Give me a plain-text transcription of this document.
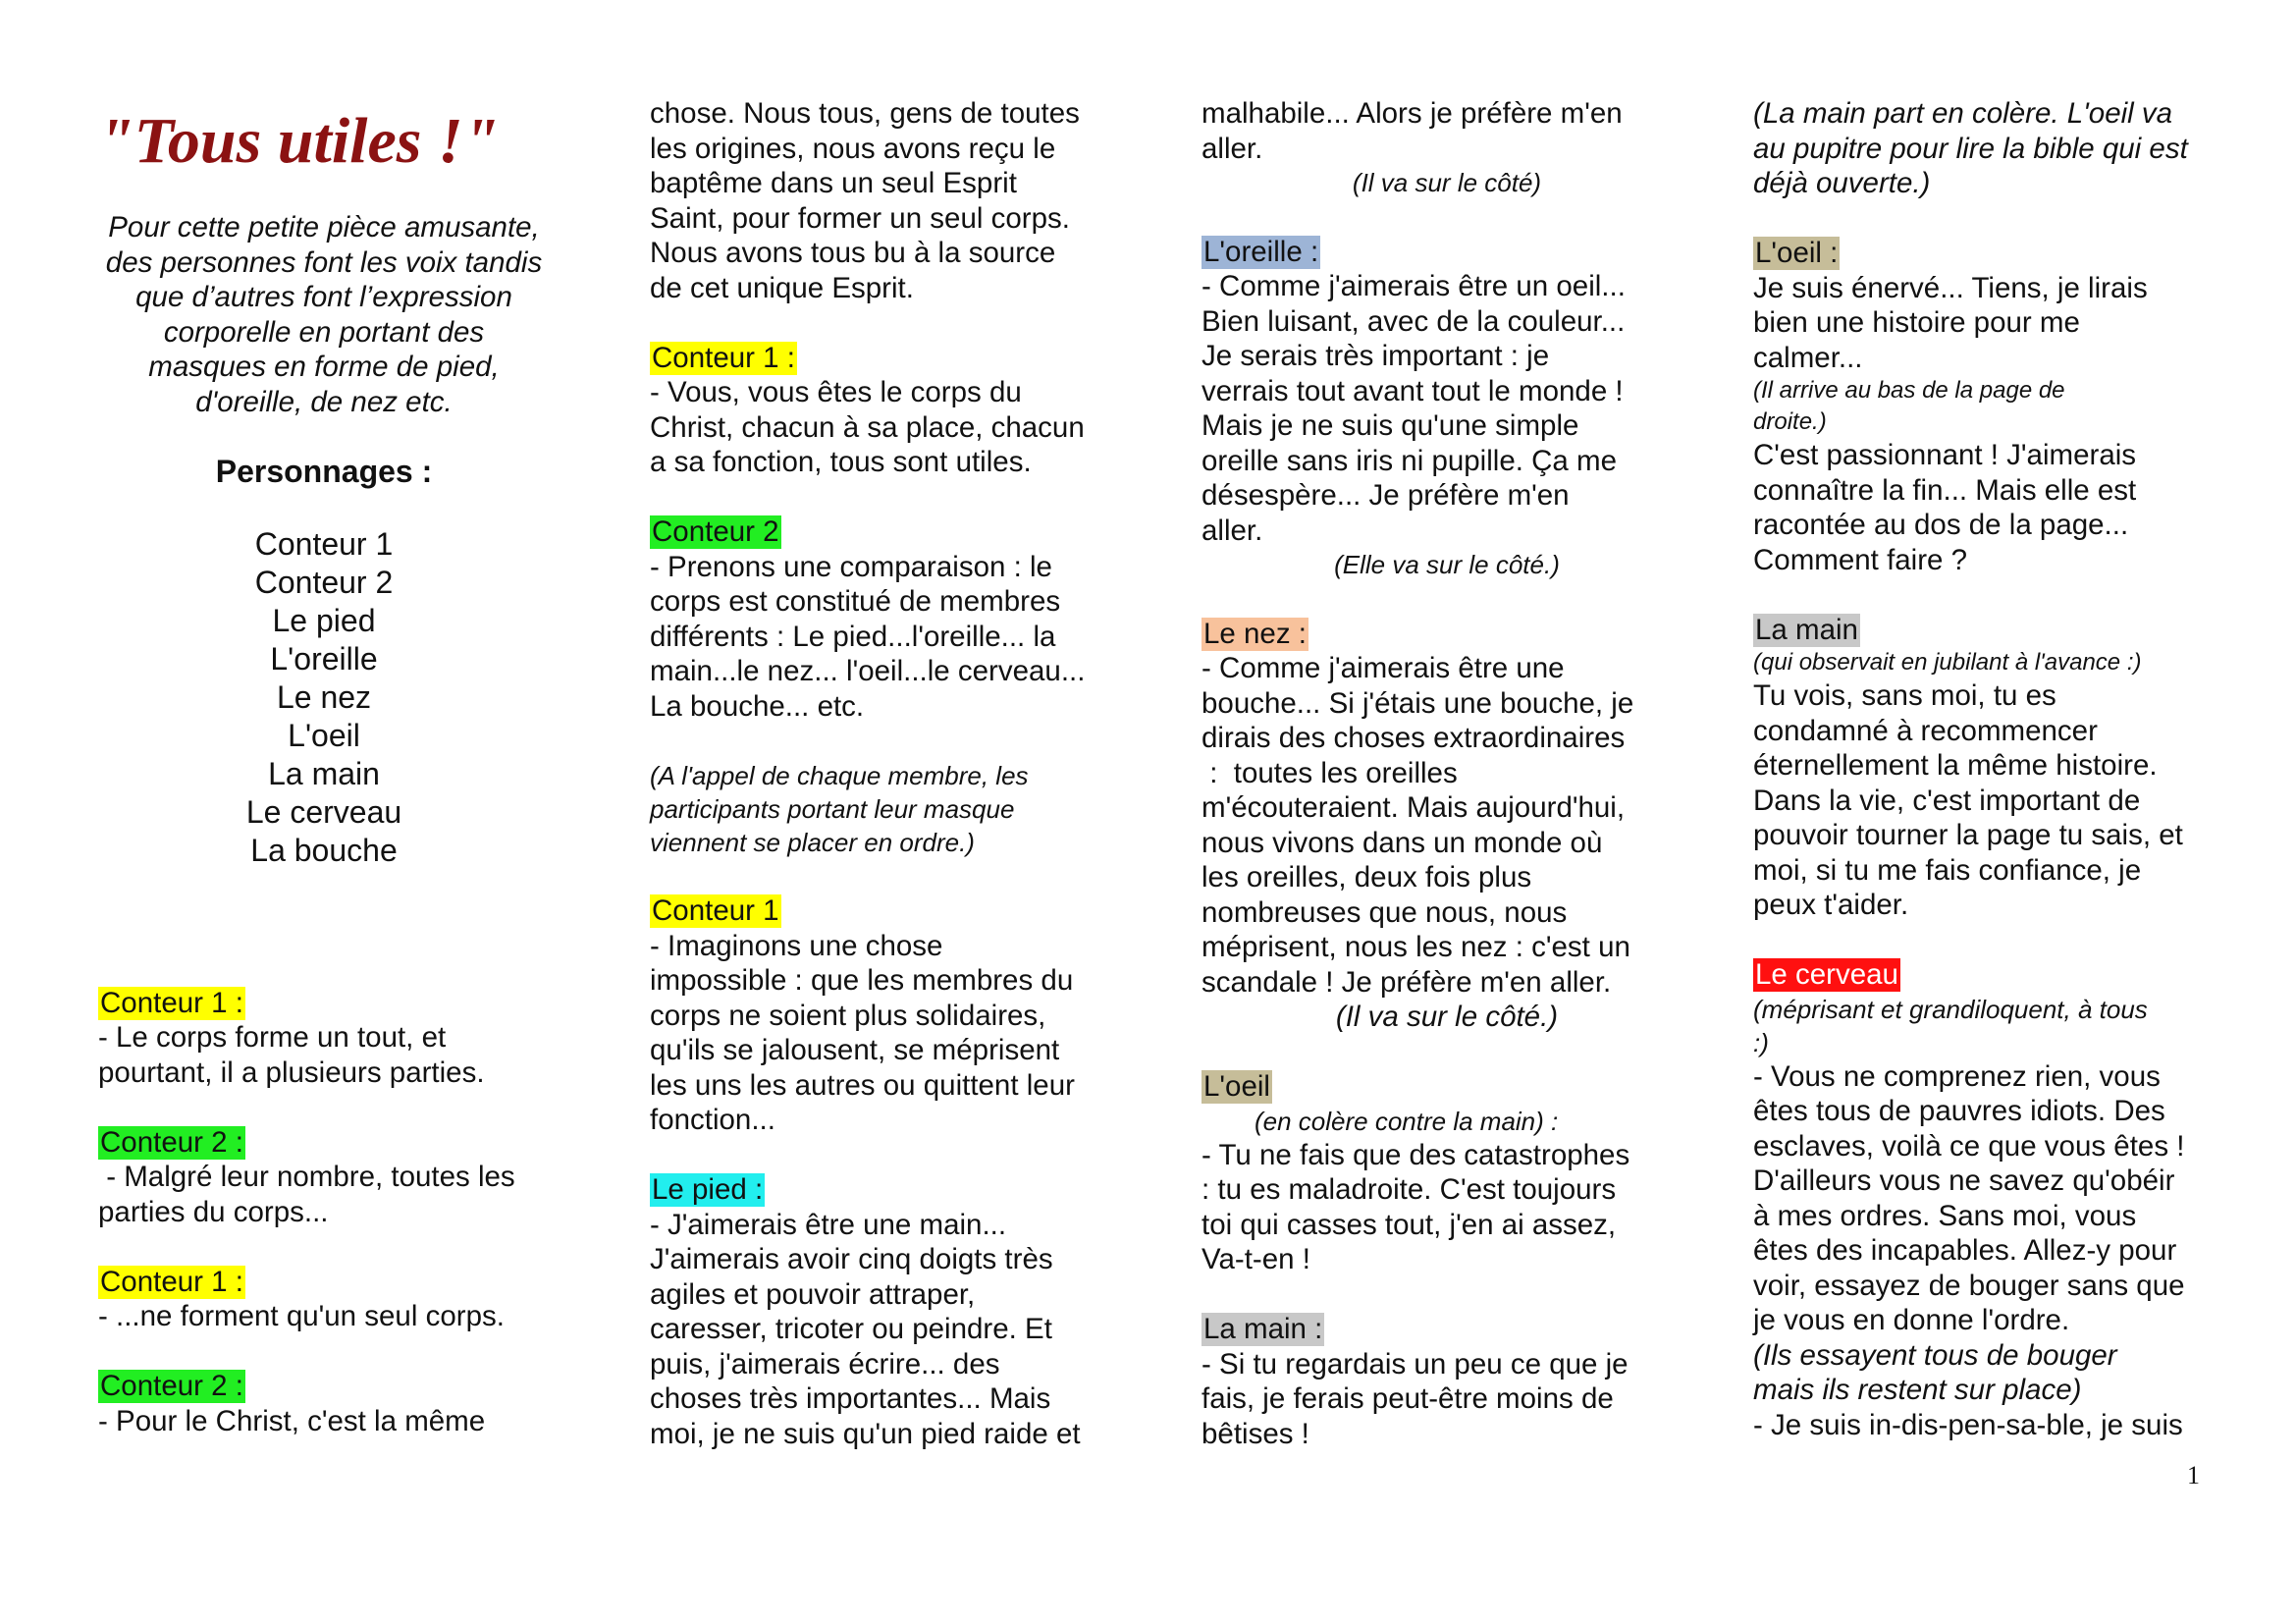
"Tous utiles !"
Pour cette petite pièce amusante,
des personnes font les voix tandis
que d’autres font l’expression
corporelle en portant des
masques en forme de pied,
d'oreille, de nez etc.
Personnages :
Conteur 1
Conteur 2
Le pied
L'oreille
Le nez
L'oeil
La main
Le cerveau
La bouche
Conteur 1 :
- Le corps forme un tout, et
pourtant, il a plusieurs parties.
Conteur 2 :
- Malgré leur nombre, toutes les
parties du corps...
Conteur 1 :
- ...ne forment qu'un seul corps.
Conteur 2 :
- Pour le Christ, c'est la même
chose. Nous tous, gens de toutes
les origines, nous avons reçu le
baptême dans un seul Esprit
Saint, pour former un seul corps.
Nous avons tous bu à la source
de cet unique Esprit.
Conteur 1 :
- Vous, vous êtes le corps du
Christ, chacun à sa place, chacun
a sa fonction, tous sont utiles.
Conteur 2
- Prenons une comparaison : le
corps est constitué de membres
différents : Le pied...l'oreille... la
main...le nez... l'oeil...le cerveau...
La bouche... etc.
(A l'appel de chaque membre, les
participants portant leur masque
viennent se placer en ordre.)
Conteur 1
- Imaginons une chose
impossible : que les membres du
corps ne soient plus solidaires,
qu'ils se jalousent, se méprisent
les uns les autres ou quittent leur
fonction...
Le pied :
- J'aimerais être une main...
J'aimerais avoir cinq doigts très
agiles et pouvoir attraper,
caresser, tricoter ou peindre. Et
puis, j'aimerais écrire... des
choses très importantes... Mais
moi, je ne suis qu'un pied raide et
malhabile... Alors je préfère m'en
aller.
(Il va sur le côté)
L'oreille :
- Comme j'aimerais être un oeil...
Bien luisant, avec de la couleur...
Je serais très important : je
verrais tout avant tout le monde !
Mais je ne suis qu'une simple
oreille sans iris ni pupille. Ça me
désespère... Je préfère m'en
aller.
(Elle va sur le côté.)
Le nez :
- Comme j'aimerais être une
bouche... Si j'étais une bouche, je
dirais des choses extraordinaires
:  toutes les oreilles
m'écouteraient. Mais aujourd'hui,
nous vivons dans un monde où
les oreilles, deux fois plus
nombreuses que nous, nous
méprisent, nous les nez : c'est un
scandale ! Je préfère m'en aller.
(Il va sur le côté.)
L'oeil
(en colère contre la main) :
- Tu ne fais que des catastrophes
: tu es maladroite. C'est toujours
toi qui casses tout, j'en ai assez,
Va-t-en !
La main :
- Si tu regardais un peu ce que je
fais, je ferais peut-être moins de
bêtises !
(La main part en colère. L'oeil va
au pupitre pour lire la bible qui est
déjà ouverte.)
L'oeil :
Je suis énervé... Tiens, je lirais
bien une histoire pour me
calmer...
(Il arrive au bas de la page de
droite.)
C'est passionnant ! J'aimerais
connaître la fin... Mais elle est
racontée au dos de la page...
Comment faire ?
La main
(qui observait en jubilant à l'avance :)
Tu vois, sans moi, tu es
condamné à recommencer
éternellement la même histoire.
Dans la vie, c'est important de
pouvoir tourner la page tu sais, et
moi, si tu me fais confiance, je
peux t'aider.
Le cerveau
(méprisant et grandiloquent, à tous
:)
- Vous ne comprenez rien, vous
êtes tous de pauvres idiots. Des
esclaves, voilà ce que vous êtes !
D'ailleurs vous ne savez qu'obéir
à mes ordres. Sans moi, vous
êtes des incapables. Allez-y pour
voir, essayez de bouger sans que
je vous en donne l'ordre.
(Ils essayent tous de bouger
mais ils restent sur place)
- Je suis in-dis-pen-sa-ble, je suis
1
